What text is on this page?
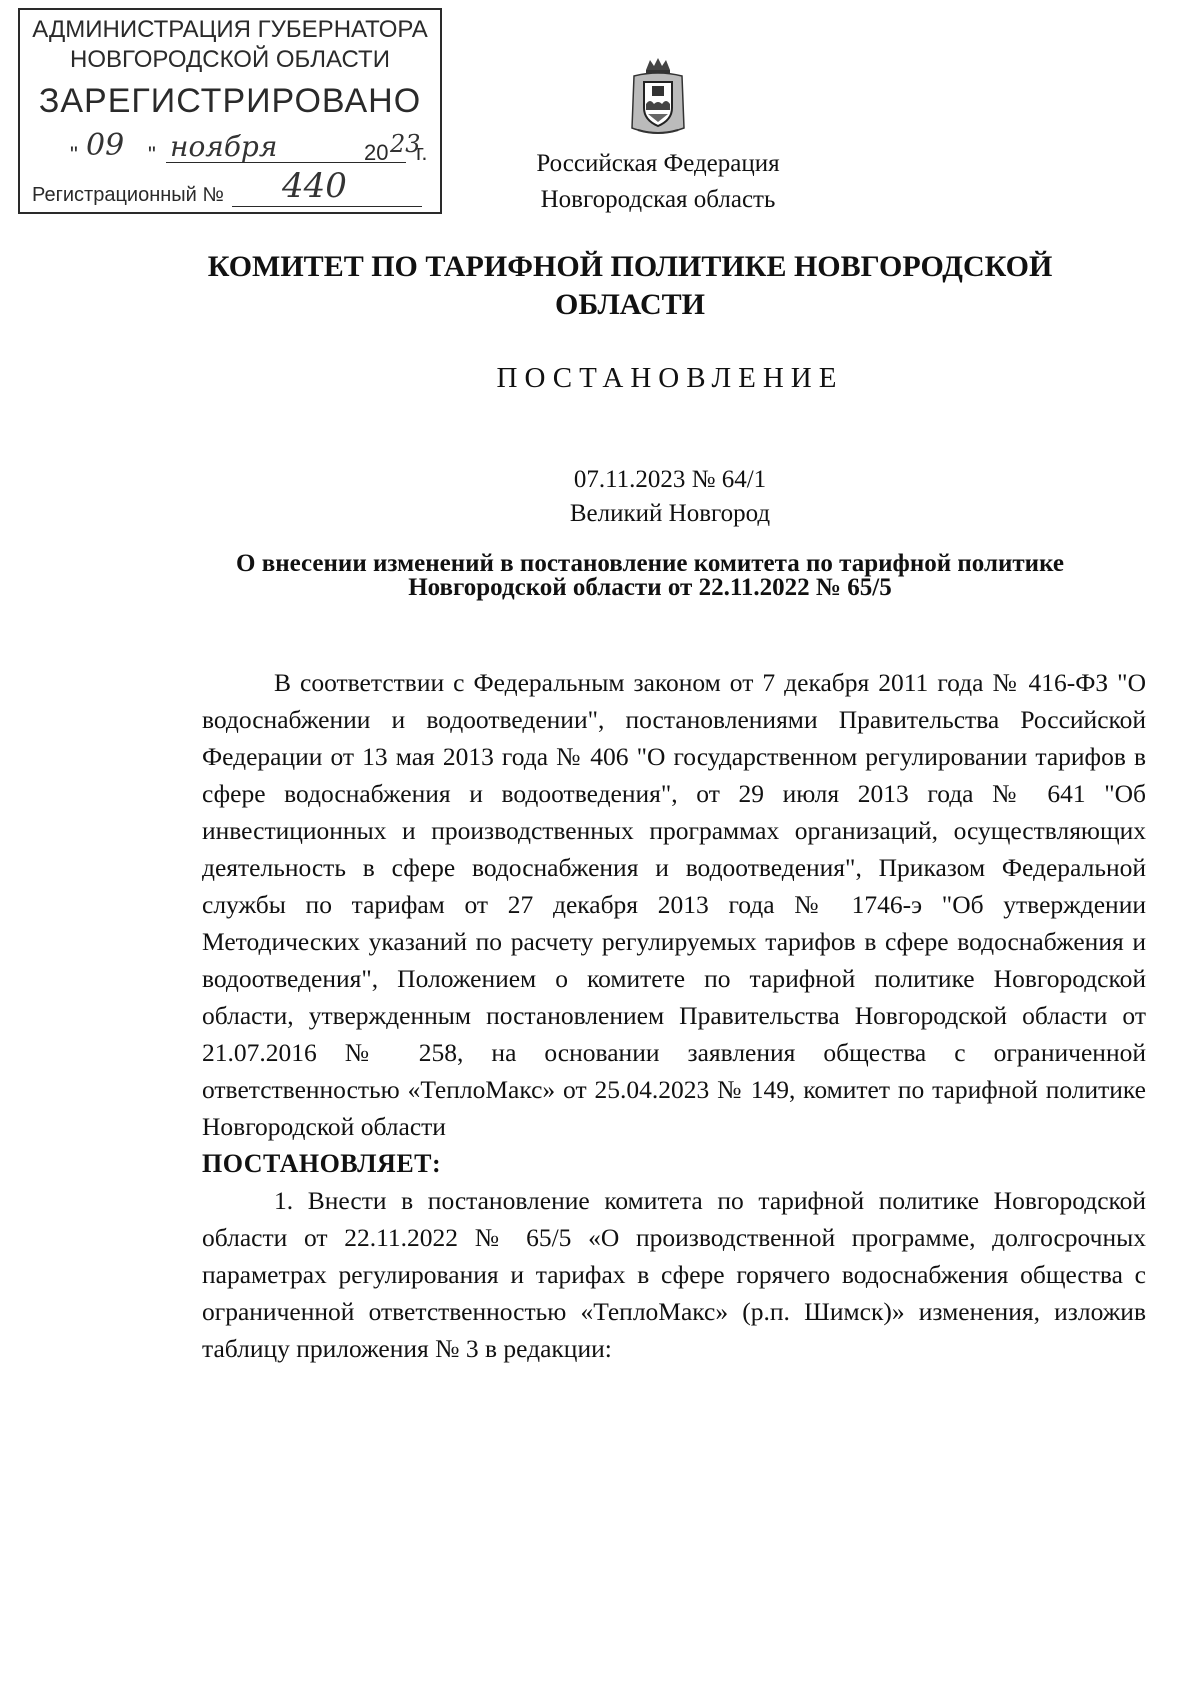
АДМИНИСТРАЦИЯ ГУБЕРНАТОРА
НОВГОРОДСКОЙ ОБЛАСТИ
ЗАРЕГИСТРИРОВАНО
" 09 " ноября	20 23
г.
Регистрационный № 440
Российская Федерация
Новгородская область
КОМИТЕТ ПО ТАРИФНОЙ ПОЛИТИКЕ НОВГОРОДСКОЙ
ОБЛАСТИ
ПОСТАНОВЛЕНИЕ
07.11.2023 № 64/1
Великий Новгород
О внесении изменений в постановление комитета по тарифной политике
Новгородской области от 22.11.2022 № 65/5

В соответствии с Федеральным законом от 7 декабря 2011 года № 416-ФЗ "О водоснабжении и водоотведении", постановлениями Правительства Российской Федерации от 13 мая 2013 года № 406 "О государственном регулировании тарифов в сфере водоснабжения и водоотведения", от 29 июля 2013 года № 641 "Об инвестиционных и производственных программах организаций, осуществляющих деятельность в сфере водоснабжения и водоотведения", Приказом Федеральной службы по тарифам от 27 декабря 2013 года № 1746-э "Об утверждении Методических указаний по расчету регулируемых тарифов в сфере водоснабжения и водоотведения", Положением о комитете по тарифной политике Новгородской области, утвержденным постановлением Правительства Новгородской области от 21.07.2016 № 258, на основании заявления общества с ограниченной ответственностью «ТеплоМакс» от 25.04.2023 № 149, комитет по тарифной политике Новгородской области

ПОСТАНОВЛЯЕТ:

1. Внести в постановление комитета по тарифной политике Новгородской области от 22.11.2022 № 65/5 «О производственной программе, долгосрочных параметрах регулирования и тарифах в сфере горячего водоснабжения общества с ограниченной ответственностью «ТеплоМакс» (р.п. Шимск)» изменения, изложив таблицу приложения № 3 в редакции:
